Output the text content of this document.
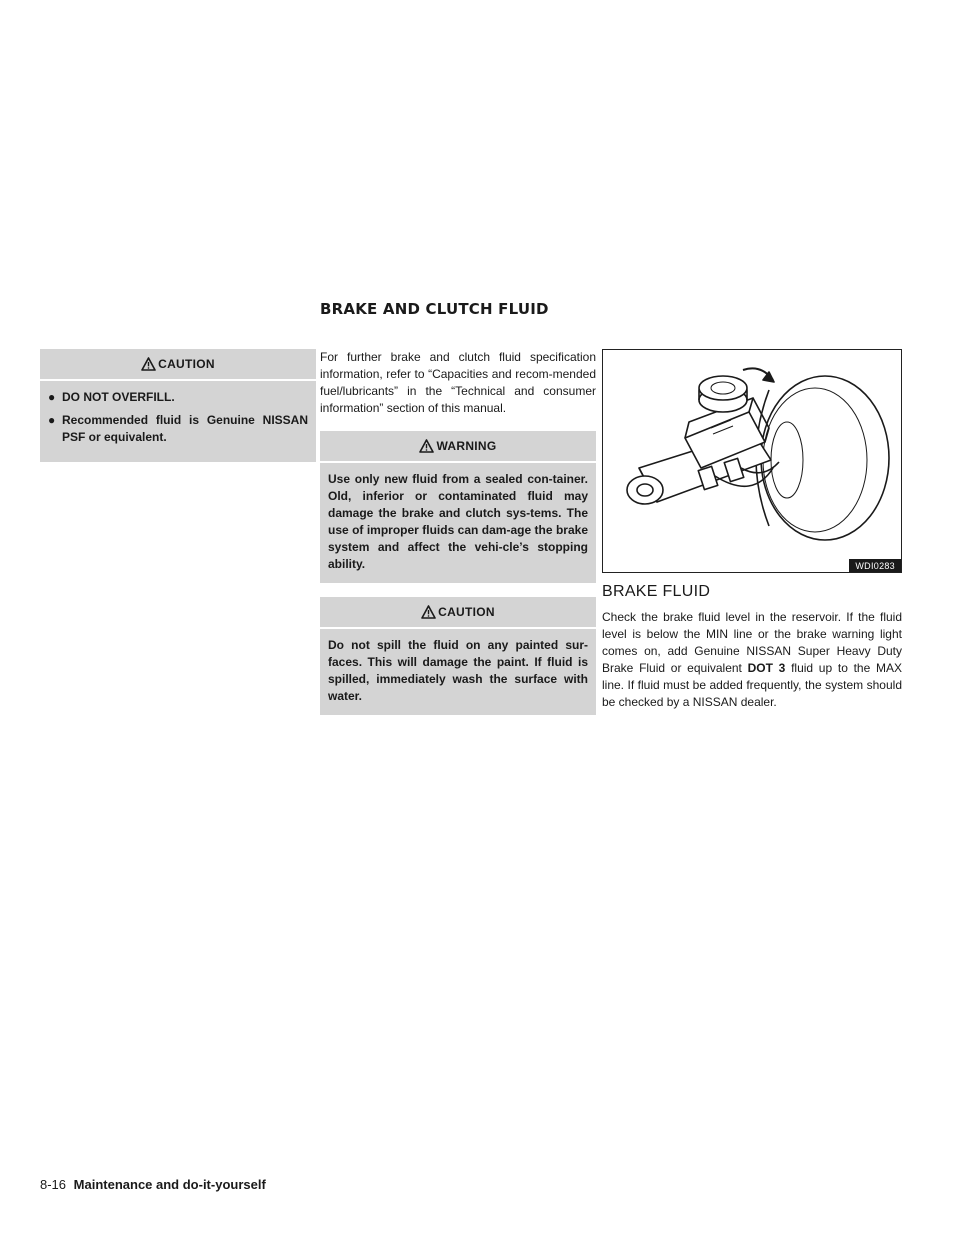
BRAKE AND CLUTCH FLUID
CAUTION
● DO NOT OVERFILL.
● Recommended fluid is Genuine NISSAN PSF or equivalent.

For further brake and clutch fluid specification information, refer to “Capacities and recom-mended fuel/lubricants” in the “Technical and consumer information” section of this manual.

WARNING
Use only new fluid from a sealed con-tainer. Old, inferior or contaminated fluid may damage the brake and clutch sys-tems. The use of improper fluids can dam-age the brake system and affect the vehi-cle’s stopping ability.
CAUTION
Do not spill the fluid on any painted sur-faces. This will damage the paint. If fluid is spilled, immediately wash the surface with water.
WDI0283
BRAKE FLUID

Check the brake fluid level in the reservoir. If the fluid level is below the MIN line or the brake warning light comes on, add Genuine NISSAN Super Heavy Duty Brake Fluid or equivalent DOT 3 fluid up to the MAX line. If fluid must be added frequently, the system should be checked by a NISSAN dealer.

8-16 Maintenance and do-it-yourself
